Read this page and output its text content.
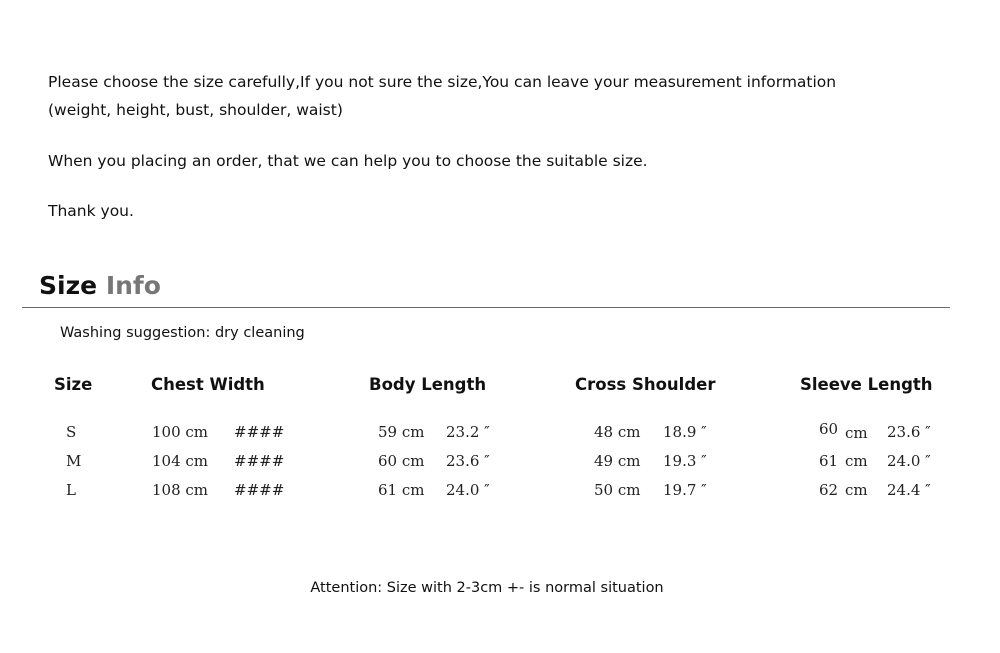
Please choose the size carefully,If you not sure the size,You can leave your measurement information

(weight, height, bust, shoulder, waist)

When you placing an order, that we can help you to choose the suitable size.

Thank you.

Size Info
Washing suggestion: dry cleaning
Size	Chest Width	Body Length	Cross Shoulder	Sleeve Length
S	100 cm ####	59 cm 23.2 ″	48 cm 18.9 ″	60 cm 23.6 ″
M	104 cm ####	60 cm 23.6 ″	49 cm 19.3 ″	61 cm 24.0 ″
L	108 cm ####	61 cm 24.0 ″	50 cm 19.7 ″	62 cm 24.4 ″
Attention: Size with 2-3cm +- is normal situation
